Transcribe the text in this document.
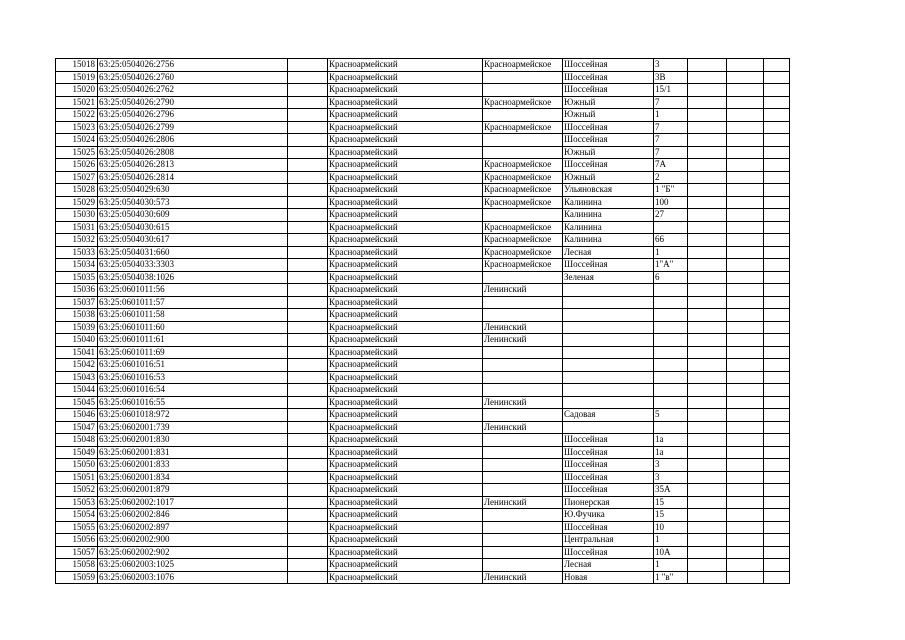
15018	63:25:0504026:2756		Красноармейский	Красноармейское	Шоссейная	3			
15019	63:25:0504026:2760		Красноармейский		Шоссейная	3В			
15020	63:25:0504026:2762		Красноармейский		Шоссейная	15/1			
15021	63:25:0504026:2790		Красноармейский	Красноармейское	Южный	7			
15022	63:25:0504026:2796		Красноармейский		Южный	1			
15023	63:25:0504026:2799		Красноармейский	Красноармейское	Шоссейная	7			
15024	63:25:0504026:2806		Красноармейский		Шоссейная	7			
15025	63:25:0504026:2808		Красноармейский		Южный	7			
15026	63:25:0504026:2813		Красноармейский	Красноармейское	Шоссейная	7А			
15027	63:25:0504026:2814		Красноармейский	Красноармейское	Южный	2			
15028	63:25:0504029:630		Красноармейский	Красноармейское	Ульяновская	1 "Б"			
15029	63:25:0504030:573		Красноармейский	Красноармейское	Калинина	100			
15030	63:25:0504030:609		Красноармейский		Калинина	27			
15031	63:25:0504030:615		Красноармейский	Красноармейское	Калинина				
15032	63:25:0504030:617		Красноармейский	Красноармейское	Калинина	66			
15033	63:25:0504031:660		Красноармейский	Красноармейское	Лесная	1			
15034	63:25:0504033:3303		Красноармейский	Красноармейское	Шоссейная	1"А"			
15035	63:25:0504038:1026		Красноармейский		Зеленая	6			
15036	63:25:0601011:56		Красноармейский	Ленинский					
15037	63:25:0601011:57		Красноармейский						
15038	63:25:0601011:58		Красноармейский						
15039	63:25:0601011:60		Красноармейский	Ленинский					
15040	63:25:0601011:61		Красноармейский	Ленинский					
15041	63:25:0601011:69		Красноармейский						
15042	63:25:0601016:51		Красноармейский						
15043	63:25:0601016:53		Красноармейский						
15044	63:25:0601016:54		Красноармейский						
15045	63:25:0601016:55		Красноармейский	Ленинский					
15046	63:25:0601018:972		Красноармейский		Садовая	5			
15047	63:25:0602001:739		Красноармейский	Ленинский					
15048	63:25:0602001:830		Красноармейский		Шоссейная	1а			
15049	63:25:0602001:831		Красноармейский		Шоссейная	1а			
15050	63:25:0602001:833		Красноармейский		Шоссейная	3			
15051	63:25:0602001:834		Красноармейский		Шоссейная	3			
15052	63:25:0602001:879		Красноармейский		Шоссейная	35А			
15053	63:25:0602002:1017		Красноармейский	Ленинский	Пионерская	15			
15054	63:25:0602002:846		Красноармейский		Ю.Фучика	15			
15055	63:25:0602002:897		Красноармейский		Шоссейная	10			
15056	63:25:0602002:900		Красноармейский		Центральная	1			
15057	63:25:0602002:902		Красноармейский		Шоссейная	10А			
15058	63:25:0602003:1025		Красноармейский		Лесная	1			
15059	63:25:0602003:1076		Красноармейский	Ленинский	Новая	1 "в"			
